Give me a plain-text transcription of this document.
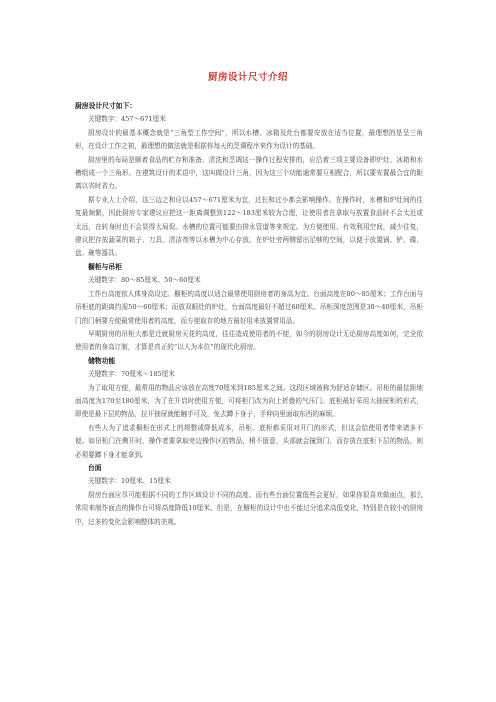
厨房设计尺寸介绍

厨房设计尺寸如下：

关键数字：457～671厘米

厨房设计的最基本概念就是“三角型工作空间”，所以水槽、冰箱及灶台都要安放在适当位置，最理想的是呈三角形，在设计工作之初，最理想的做法就是根据你每天的烹调程序来作为设计的基础。

厨房里的布局是顺着食品的贮存和准备、清洗和烹调这一操作过程安排的，应沿着三项主要设备即炉灶、冰箱和水槽组成一个三角形。在建筑设计的术语中，这叫做设计三角，因为这三个功能通常要互相配合，所以要安置最合宜的距离以省时省力。

据专业人士介绍，这三边之和应以457～671厘米为宜，过长和过小都会影响操作。在操作时，水槽和炉灶间的往复最频繁，因此厨房专家建议应把这一距离调整到122～183厘米较为合理，让使用者在拿取与放置食品时不会太近或太远，在转身时也不会显得太局促。水槽的位置可能要由排水管道等来规定。为方便使用、有效利用空间，减少往复，建议把存放蔬菜的箱子、刀具、清洁剂等以水槽为中心存放。在炉灶旁两侧留出足够的空间，以便于放置锅、铲、碟、盘、碗等器具。

橱柜与吊柜

关键数字：80～85厘米、50～60厘米

工作台高度依人体身高设定。橱柜的高度以适合最常使用厨房者的身高为宜。台面高度在80～85厘米；工作台面与吊柜底的距离约需50～60厘米；而放双眼灶的炉灶，台面高度最好不超过60厘米。吊柜深度范围是30～40厘米，吊柜门的门柄要方便最常使用者的高度，而方便取存的地方最好用来放置常用品。

早期厨房的吊柜大都是迁就厨房天花的高度，往往造成使用者的不便，如今的厨房设计无论厨房高度如何，完全依使用者的身高订制，才算是真正的“以人为本位”的现代化厨房。

储物功能

关键数字：70厘米～185厘米

为了取用方便，最常用的物品应该放在高度70厘米到185厘米之间。这段区域被称为舒适存储区。吊柜的最佳距地面高度为170至180厘米，为了在开启时使用方便，可将柜门改为向上折叠的气压门。底柜最好采用大抽屉柜的形式，即使是最下层的物品，拉开抽屉就能触手可及，免去蹲下身子，手伸向里面取东西的麻烦。

有些人为了追求橱柜在形式上的规整或降低成本，吊柜、底柜都采用对开门的形式，但这会给使用者带来诸多不便。如吊柜门在侧开时，操作者要拿取旁边操作区的物品，稍不留意，头部就会撞到门，而存放在底柜下层的物品，则必须要蹲下身才能拿到。

台面

关键数字：10厘米、15厘米

厨房台面应尽可能根据不同的工作区域设计不同的高度。而有些台面位置低些会更好，如果你很喜欢做面点，那么常用来制作面点的操作台可将高度降低10厘米。但是，在橱柜的设计中也不能过分追求高低变化，特别是在较小的厨房中，过多的变化会影响整体的美观。
